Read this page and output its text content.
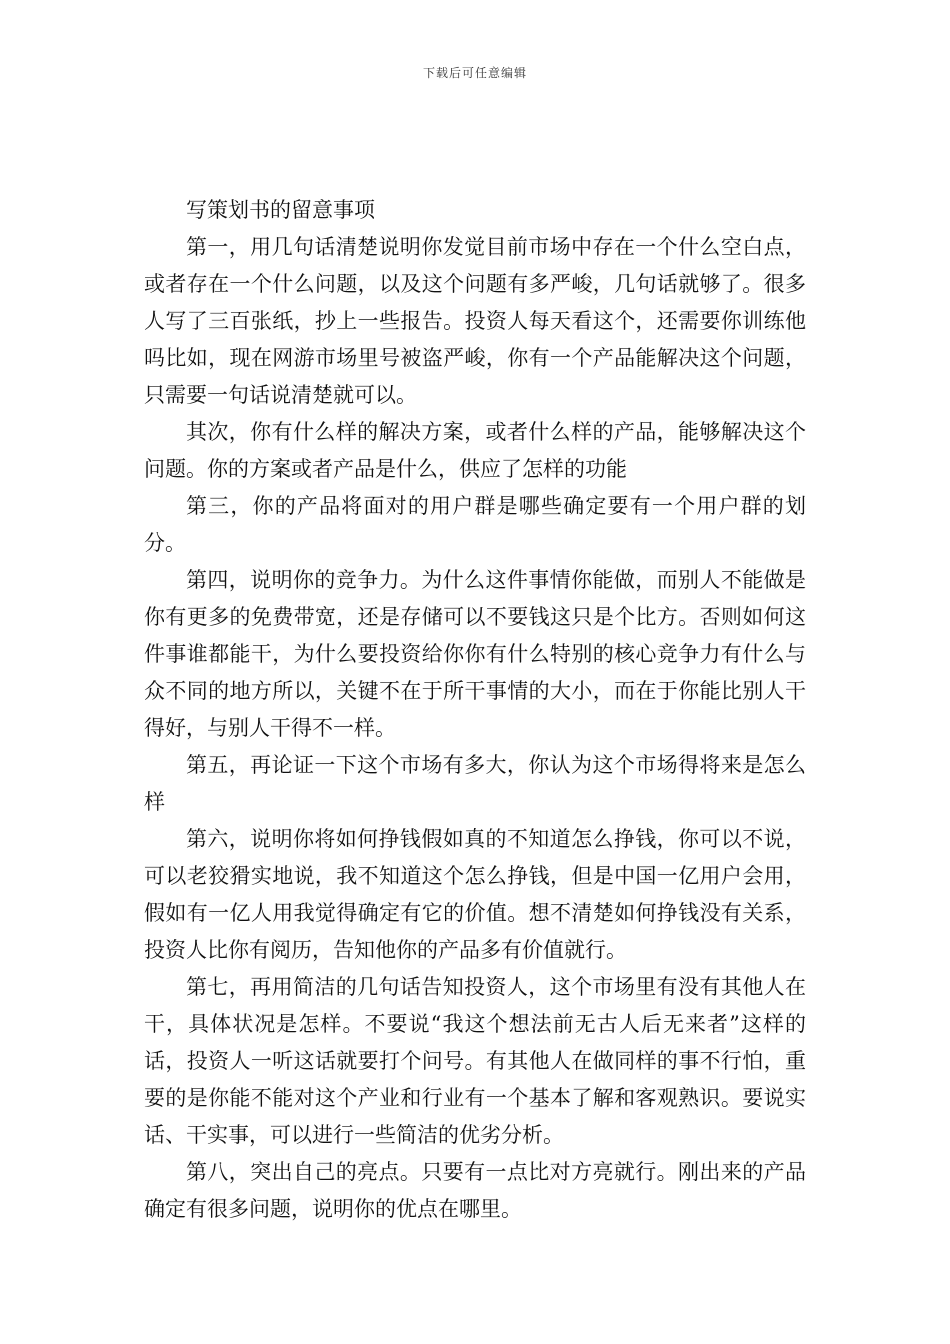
下载后可任意编辑
写策划书的留意事项

第一，用几句话清楚说明你发觉目前市场中存在一个什么空白点，或者存在一个什么问题，以及这个问题有多严峻，几句话就够了。很多人写了三百张纸，抄上一些报告。投资人每天看这个，还需要你训练他吗比如，现在网游市场里号被盗严峻，你有一个产品能解决这个问题，只需要一句话说清楚就可以。

其次，你有什么样的解决方案，或者什么样的产品，能够解决这个问题。你的方案或者产品是什么，供应了怎样的功能

第三，你的产品将面对的用户群是哪些确定要有一个用户群的划分。

第四，说明你的竞争力。为什么这件事情你能做，而别人不能做是你有更多的免费带宽，还是存储可以不要钱这只是个比方。否则如何这件事谁都能干，为什么要投资给你你有什么特别的核心竞争力有什么与众不同的地方所以，关键不在于所干事情的大小，而在于你能比别人干得好，与别人干得不一样。

第五，再论证一下这个市场有多大，你认为这个市场得将来是怎么样

第六，说明你将如何挣钱假如真的不知道怎么挣钱，你可以不说，可以老狡猾实地说，我不知道这个怎么挣钱，但是中国一亿用户会用，假如有一亿人用我觉得确定有它的价值。想不清楚如何挣钱没有关系，投资人比你有阅历，告知他你的产品多有价值就行。

第七，再用简洁的几句话告知投资人，这个市场里有没有其他人在干，具体状况是怎样。不要说“我这个想法前无古人后无来者”这样的话，投资人一听这话就要打个问号。有其他人在做同样的事不行怕，重要的是你能不能对这个产业和行业有一个基本了解和客观熟识。要说实话、干实事，可以进行一些简洁的优劣分析。

第八，突出自己的亮点。只要有一点比对方亮就行。刚出来的产品确定有很多问题，说明你的优点在哪里。
